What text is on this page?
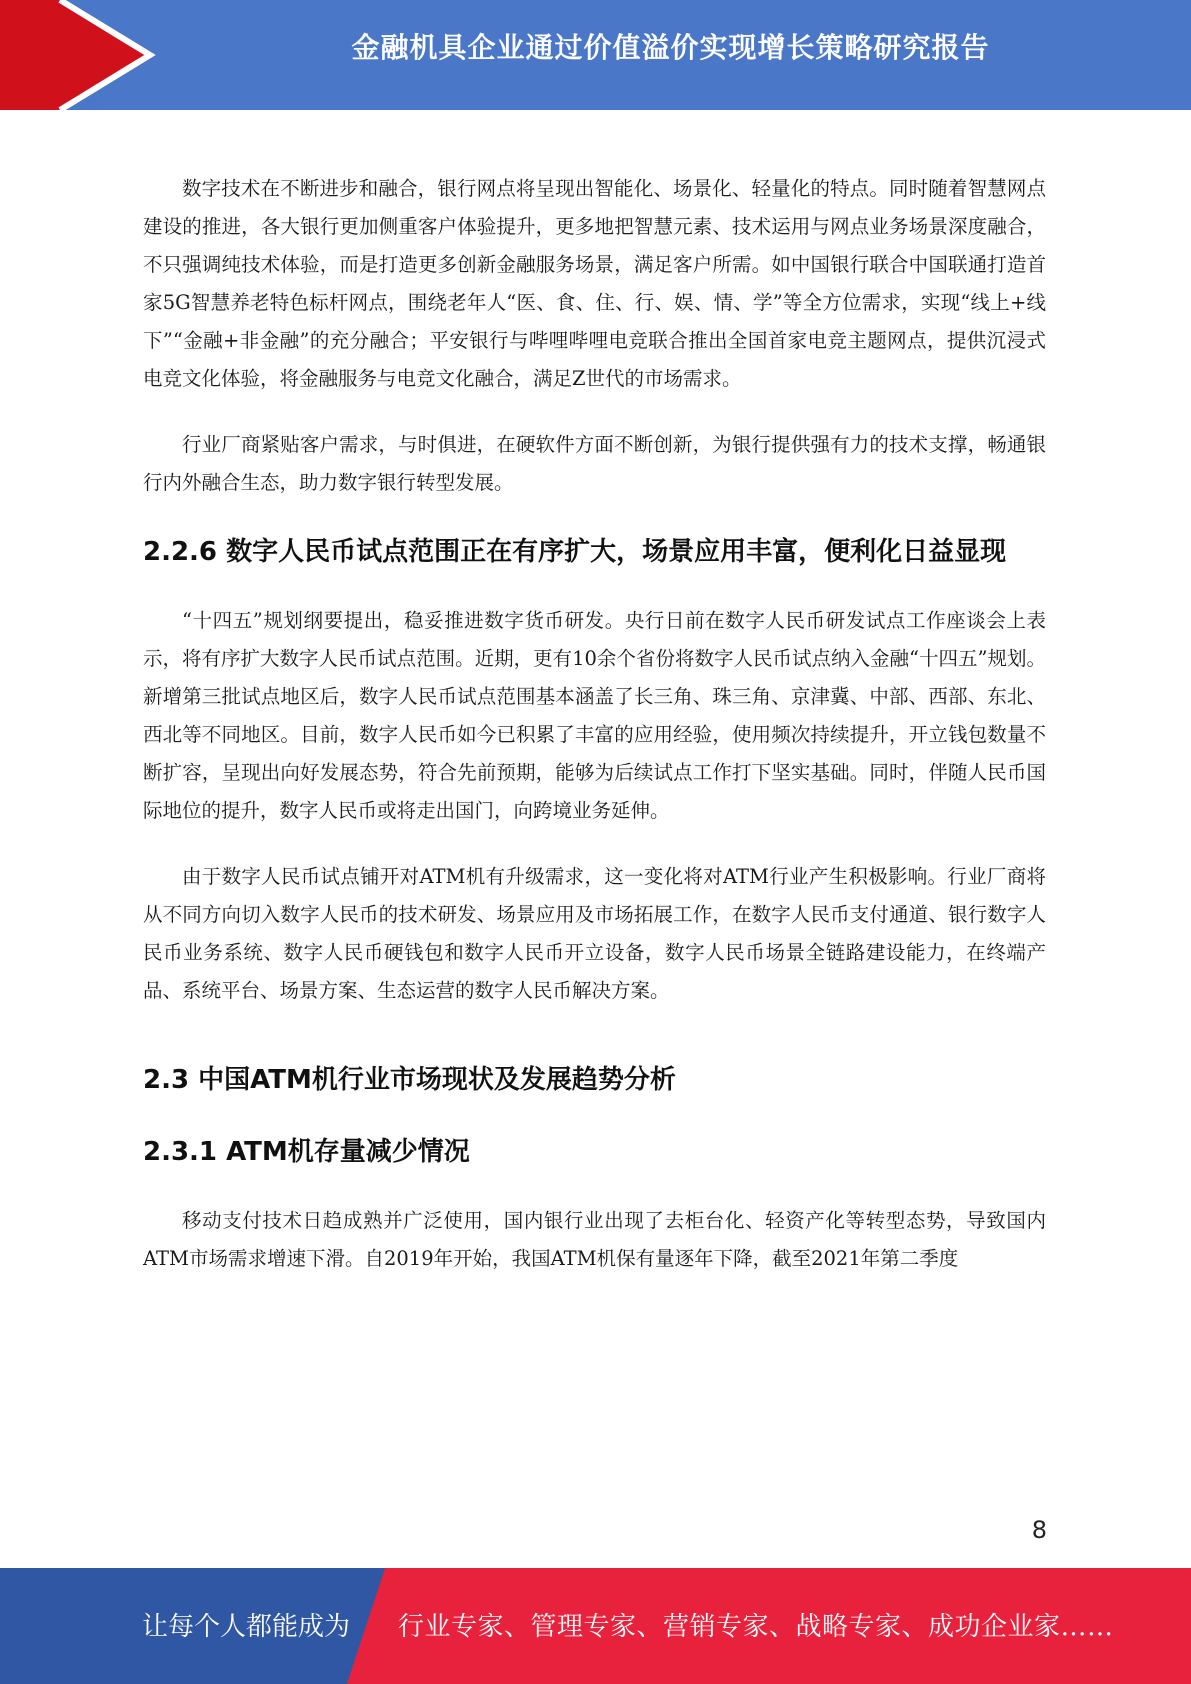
金融机具企业通过价值溢价实现增长策略研究报告

数字技术在不断进步和融合，银行网点将呈现出智能化、场景化、轻量化的特点。同时随着智慧网点建设的推进，各大银行更加侧重客户体验提升，更多地把智慧元素、技术运用与网点业务场景深度融合，不只强调纯技术体验，而是打造更多创新金融服务场景，满足客户所需。如中国银行联合中国联通打造首家5G智慧养老特色标杆网点，围绕老年人“医、食、住、行、娱、情、学”等全方位需求，实现“线上+线下”“金融+非金融”的充分融合；平安银行与哔哩哔哩电竞联合推出全国首家电竞主题网点，提供沉浸式电竞文化体验，将金融服务与电竞文化融合，满足Z世代的市场需求。

行业厂商紧贴客户需求，与时俱进，在硬软件方面不断创新，为银行提供强有力的技术支撑，畅通银行内外融合生态，助力数字银行转型发展。

2.2.6 数字人民币试点范围正在有序扩大，场景应用丰富，便利化日益显现

“十四五”规划纲要提出，稳妥推进数字货币研发。央行日前在数字人民币研发试点工作座谈会上表示，将有序扩大数字人民币试点范围。近期，更有10余个省份将数字人民币试点纳入金融“十四五”规划。新增第三批试点地区后，数字人民币试点范围基本涵盖了长三角、珠三角、京津冀、中部、西部、东北、西北等不同地区。目前，数字人民币如今已积累了丰富的应用经验，使用频次持续提升，开立钱包数量不断扩容，呈现出向好发展态势，符合先前预期，能够为后续试点工作打下坚实基础。同时，伴随人民币国际地位的提升，数字人民币或将走出国门，向跨境业务延伸。

由于数字人民币试点铺开对ATM机有升级需求，这一变化将对ATM行业产生积极影响。行业厂商将从不同方向切入数字人民币的技术研发、场景应用及市场拓展工作，在数字人民币支付通道、银行数字人民币业务系统、数字人民币硬钱包和数字人民币开立设备，数字人民币场景全链路建设能力，在终端产品、系统平台、场景方案、生态运营的数字人民币解决方案。

2.3 中国ATM机行业市场现状及发展趋势分析
2.3.1 ATM机存量减少情况

移动支付技术日趋成熟并广泛使用，国内银行业出现了去柜台化、轻资产化等转型态势，导致国内ATM市场需求增速下滑。自2019年开始，我国ATM机保有量逐年下降，截至2021年第二季度

8
让每个人都能成为 行业专家、管理专家、营销专家、战略专家、成功企业家……
